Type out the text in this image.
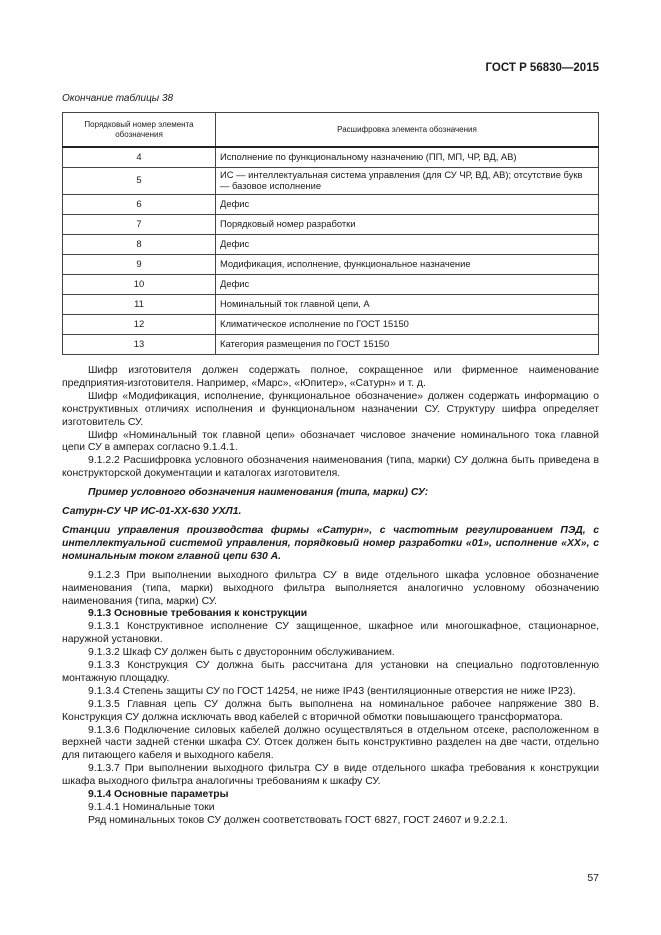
ГОСТ Р 56830—2015
Окончание таблицы 38
Порядковый номер элемента обозначения	Расшифровка элемента обозначения
4	Исполнение по функциональному назначению (ПП, МП, ЧР, ВД, АВ)
5	ИС — интеллектуальная система управления (для СУ ЧР, ВД, АВ); отсутствие букв — базовое исполнение
6	Дефис
7	Порядковый номер разработки
8	Дефис
9	Модификация, исполнение, функциональное назначение
10	Дефис
11	Номинальный ток главной цепи, А
12	Климатическое исполнение по ГОСТ 15150
13	Категория размещения по ГОСТ 15150

Шифр изготовителя должен содержать полное, сокращенное или фирменное наименование предприятия-изготовителя. Например, «Марс», «Юпитер», «Сатурн» и т. д.

Шифр «Модификация, исполнение, функциональное обозначение» должен содержать информацию о конструктивных отличиях исполнения и функциональном назначении СУ. Структуру шифра определяет изготовитель СУ.

Шифр «Номинальный ток главной цепи» обозначает числовое значение номинального тока главной цепи СУ в амперах согласно 9.1.4.1.

9.1.2.2 Расшифровка условного обозначения наименования (типа, марки) СУ должна быть приведена в конструкторской документации и каталогах изготовителя.

Пример условного обозначения наименования (типа, марки) СУ:

Сатурн-СУ ЧР ИС-01-ХХ-630 УХЛ1.

Станции управления производства фирмы «Сатурн», с частотным регулированием ПЭД, с интеллектуальной системой управления, порядковый номер разработки «01», исполнение «ХХ», с номинальным током главной цепи 630 А.

9.1.2.3 При выполнении выходного фильтра СУ в виде отдельного шкафа условное обозначение наименования (типа, марки) выходного фильтра выполняется аналогично условному обозначению наименования (типа, марки) СУ.

9.1.3 Основные требования к конструкции

9.1.3.1 Конструктивное исполнение СУ защищенное, шкафное или многошкафное, стационарное, наружной установки.

9.1.3.2 Шкаф СУ должен быть с двусторонним обслуживанием.

9.1.3.3 Конструкция СУ должна быть рассчитана для установки на специально подготовленную монтажную площадку.

9.1.3.4 Степень защиты СУ по ГОСТ 14254, не ниже IP43 (вентиляционные отверстия не ниже IP23).

9.1.3.5 Главная цепь СУ должна быть выполнена на номинальное рабочее напряжение 380 В. Конструкция СУ должна исключать ввод кабелей с вторичной обмотки повышающего трансформатора.

9.1.3.6 Подключение силовых кабелей должно осуществляться в отдельном отсеке, расположенном в верхней части задней стенки шкафа СУ. Отсек должен быть конструктивно разделен на две части, отдельно для питающего кабеля и выходного кабеля.

9.1.3.7 При выполнении выходного фильтра СУ в виде отдельного шкафа требования к конструкции шкафа выходного фильтра аналогичны требованиям к шкафу СУ.

9.1.4 Основные параметры

9.1.4.1 Номинальные токи

Ряд номинальных токов СУ должен соответствовать ГОСТ 6827, ГОСТ 24607 и 9.2.2.1.

57
